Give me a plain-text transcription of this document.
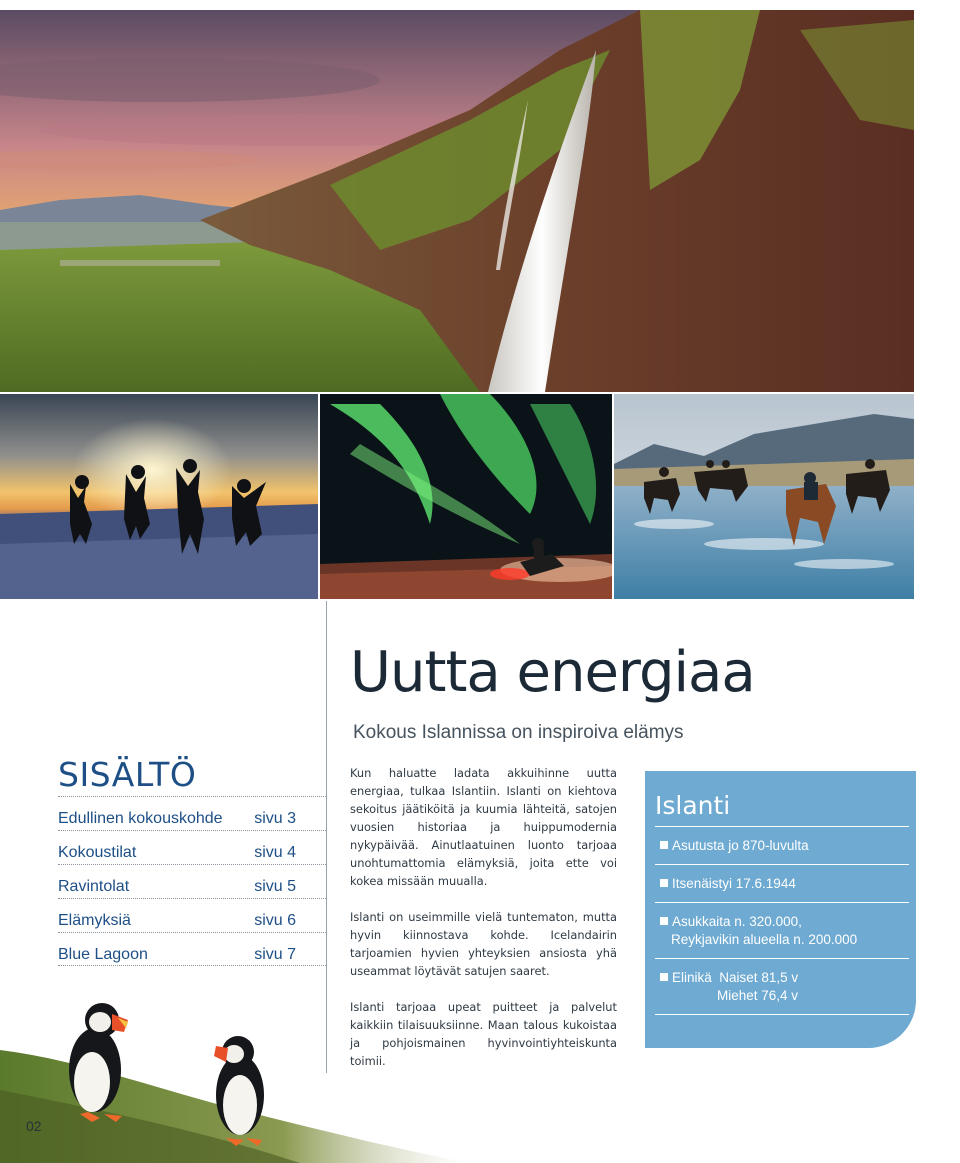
Uutta energiaa
Kokous Islannissa on inspiroiva elämys
SISÄLTÖ
Edullinen kokouskohde sivu 3
Kokoustilat	sivu 4
Ravintolat	sivu 5
Elämyksiä	sivu 6
Blue Lagoon	sivu 7

Kun haluatte ladata akkuihinne uutta energiaa, tulkaa Islantiin. Islanti on kiehtova sekoitus jäätiköitä ja kuumia lähteitä, satojen vuosien historiaa ja huippumodernia nykypäivää. Ainutlaatuinen luonto tarjoaa unohtumattomia elämyksiä, joita ette voi kokea missään muualla.

Islanti on useimmille vielä tuntematon, mutta hyvin kiinnostava kohde. Icelandairin tarjoamien hyvien yhteyksien ansiosta yhä useammat löytävät satujen saaret.

Islanti tarjoaa upeat puitteet ja palvelut kaikkiin tilaisuuksiinne. Maan talous kukoistaa ja pohjoismainen hyvinvointiyhteiskunta toimii.

Islanti
Asutusta jo 870-luvulta
Itsenäistyi 17.6.1944
Asukkaita n. 320.000,
Reykjavikin alueella n. 200.000
Elinikä Naiset 81,5 v
Miehet 76,4 v
02
